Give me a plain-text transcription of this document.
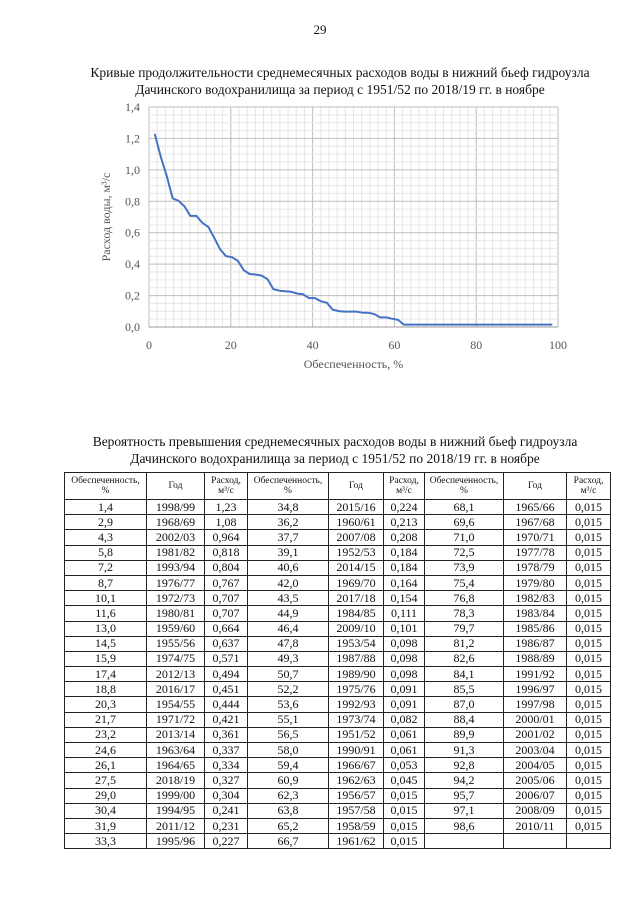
29
Кривые продолжительности среднемесячных расходов воды в нижний бьеф гидроузла
Дачинского водохранилища за период с 1951/52 по 2018/19 гг. в ноябре
0	20	40	60	80	100
0,0
0,2
0,4
0,6
0,8
1,0
1,2
1,4
Обеспеченность, %
Расход воды, м³/с
Вероятность превышения среднемесячных расходов воды в нижний бьеф гидроузла
Дачинского водохранилища за период с 1951/52 по 2018/19 гг. в ноябре
Обеспеченность,
%	Год	Расход,
м³/с	Обеспеченность,
%	Год	Расход,
м³/с	Обеспеченность,
%	Год	Расход,
м³/с
1,4	1998/99	1,23	34,8	2015/16	0,224	68,1	1965/66	0,015
2,9	1968/69	1,08	36,2	1960/61	0,213	69,6	1967/68	0,015
4,3	2002/03	0,964	37,7	2007/08	0,208	71,0	1970/71	0,015
5,8	1981/82	0,818	39,1	1952/53	0,184	72,5	1977/78	0,015
7,2	1993/94	0,804	40,6	2014/15	0,184	73,9	1978/79	0,015
8,7	1976/77	0,767	42,0	1969/70	0,164	75,4	1979/80	0,015
10,1	1972/73	0,707	43,5	2017/18	0,154	76,8	1982/83	0,015
11,6	1980/81	0,707	44,9	1984/85	0,111	78,3	1983/84	0,015
13,0	1959/60	0,664	46,4	2009/10	0,101	79,7	1985/86	0,015
14,5	1955/56	0,637	47,8	1953/54	0,098	81,2	1986/87	0,015
15,9	1974/75	0,571	49,3	1987/88	0,098	82,6	1988/89	0,015
17,4	2012/13	0,494	50,7	1989/90	0,098	84,1	1991/92	0,015
18,8	2016/17	0,451	52,2	1975/76	0,091	85,5	1996/97	0,015
20,3	1954/55	0,444	53,6	1992/93	0,091	87,0	1997/98	0,015
21,7	1971/72	0,421	55,1	1973/74	0,082	88,4	2000/01	0,015
23,2	2013/14	0,361	56,5	1951/52	0,061	89,9	2001/02	0,015
24,6	1963/64	0,337	58,0	1990/91	0,061	91,3	2003/04	0,015
26,1	1964/65	0,334	59,4	1966/67	0,053	92,8	2004/05	0,015
27,5	2018/19	0,327	60,9	1962/63	0,045	94,2	2005/06	0,015
29,0	1999/00	0,304	62,3	1956/57	0,015	95,7	2006/07	0,015
30,4	1994/95	0,241	63,8	1957/58	0,015	97,1	2008/09	0,015
31,9	2011/12	0,231	65,2	1958/59	0,015	98,6	2010/11	0,015
33,3	1995/96	0,227	66,7	1961/62	0,015			
